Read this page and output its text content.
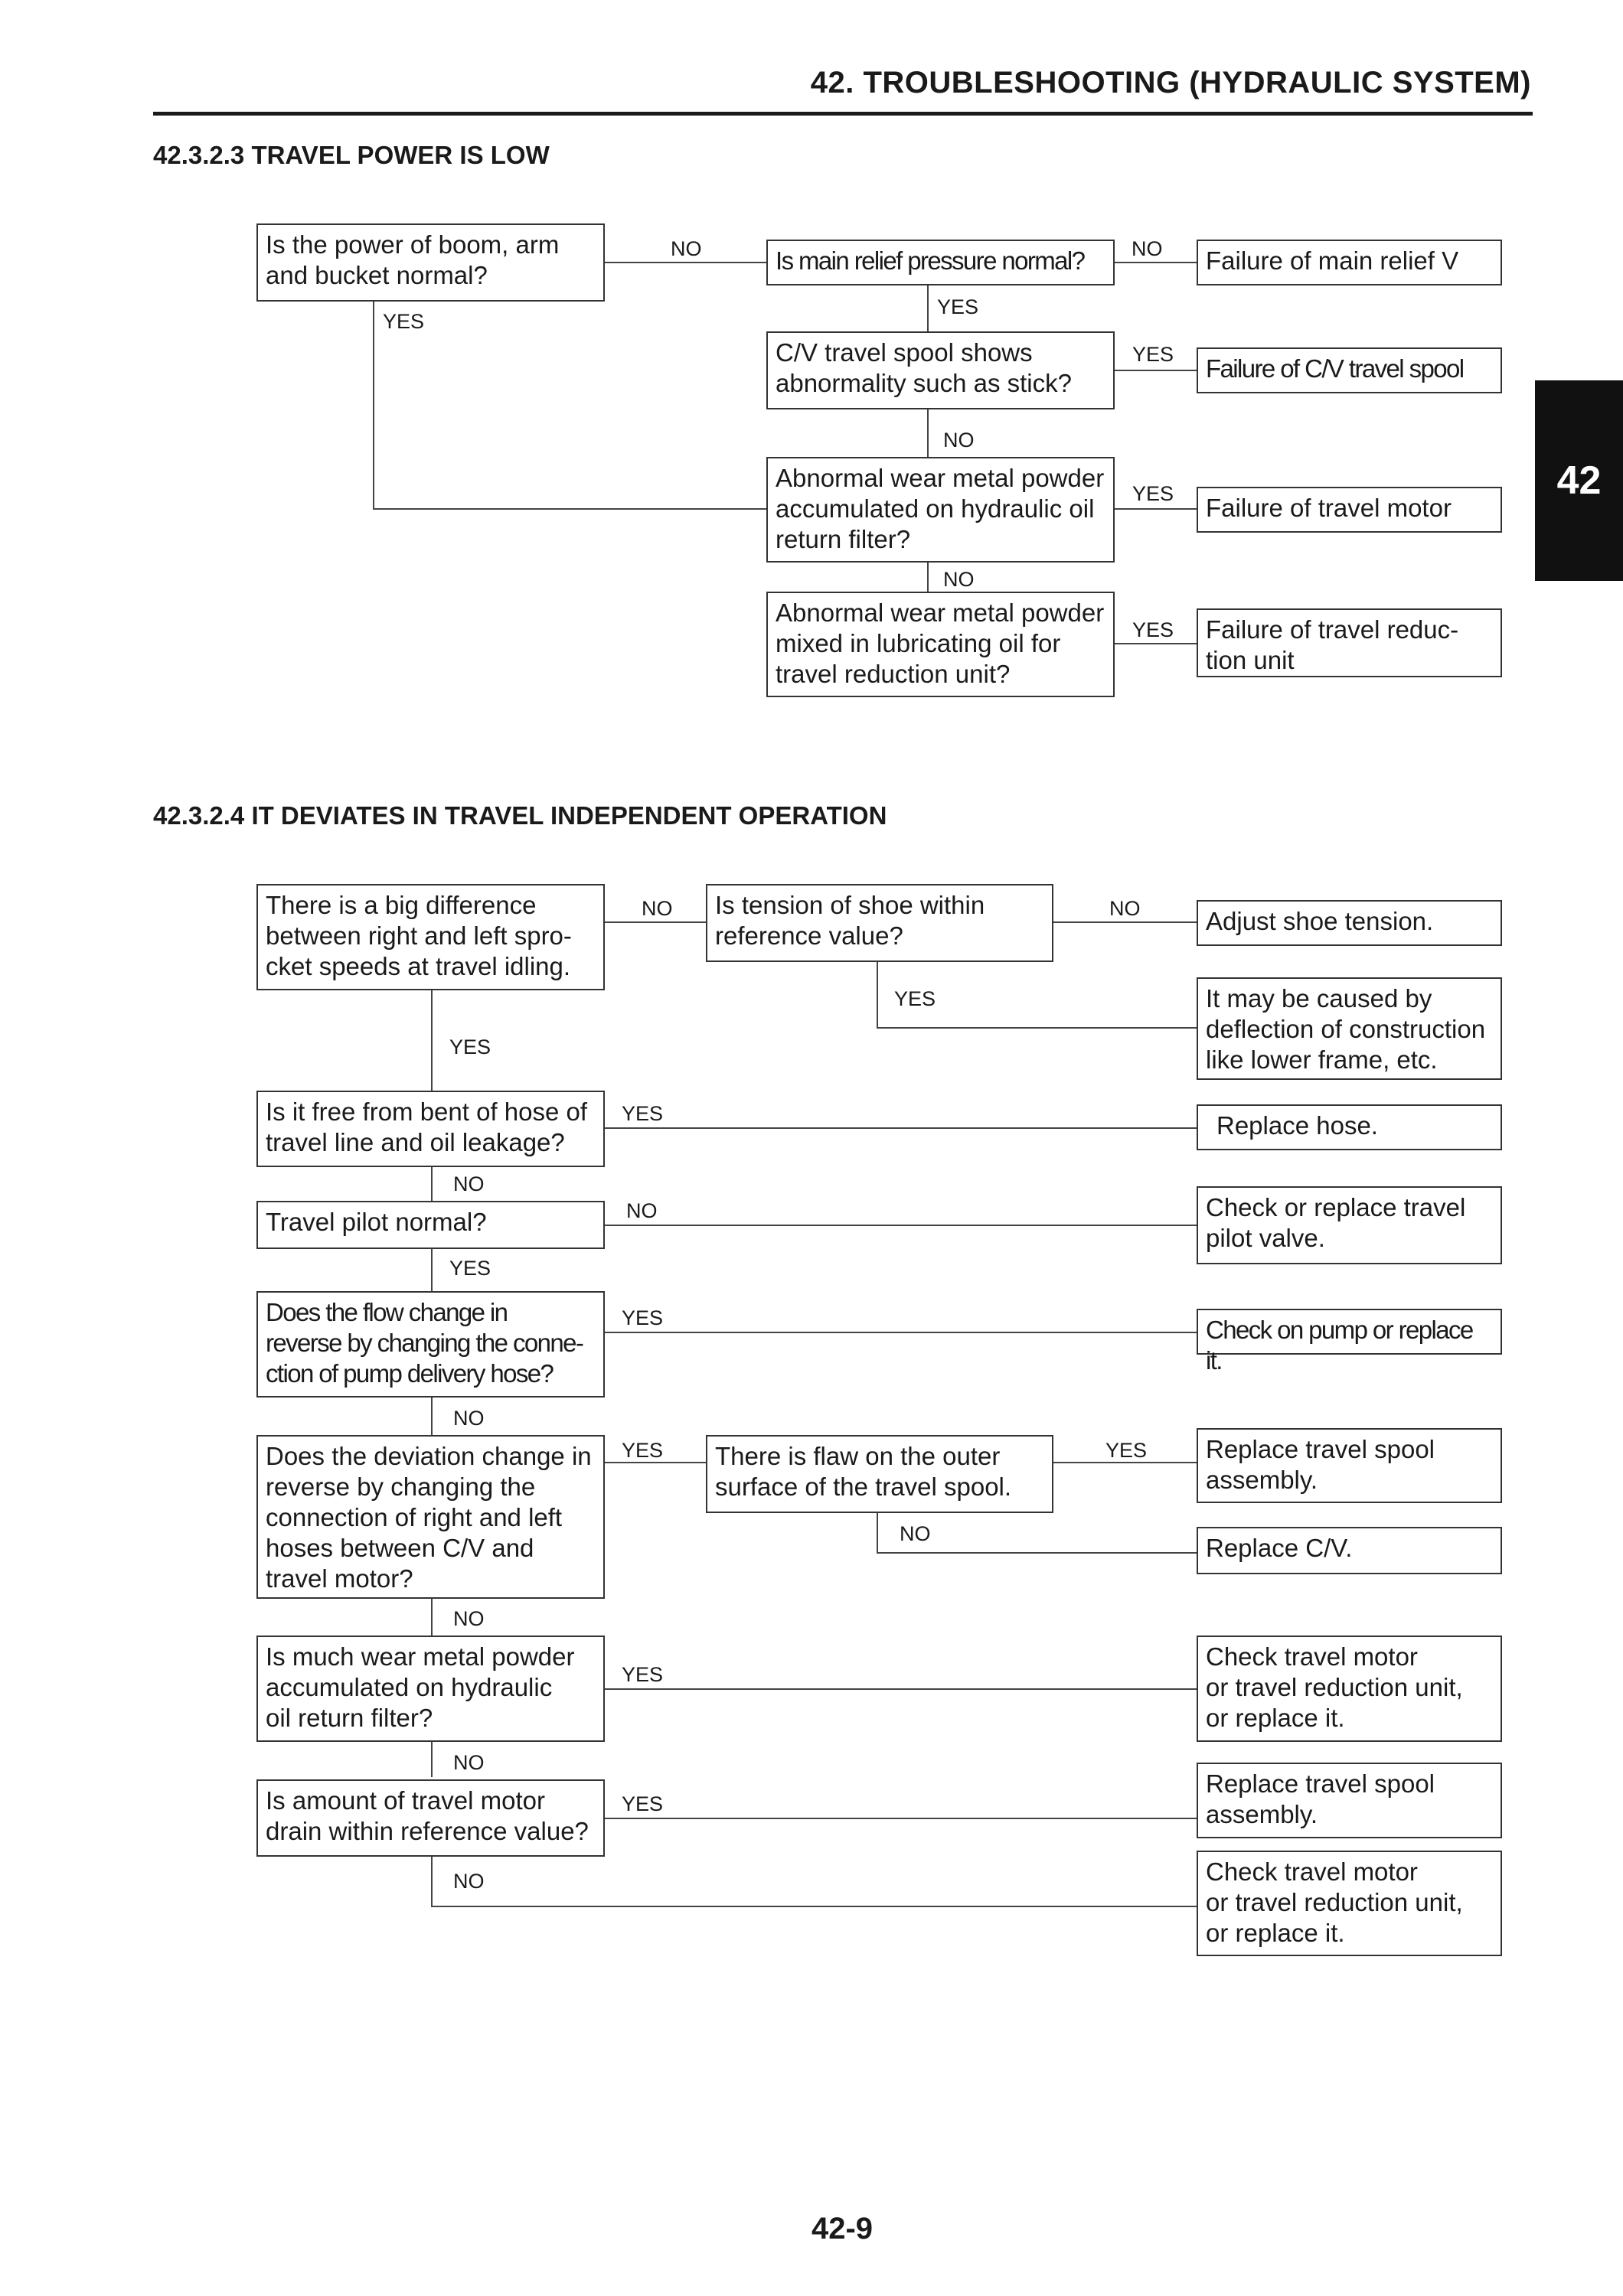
42. TROUBLESHOOTING (HYDRAULIC SYSTEM)
42
42.3.2.3 TRAVEL POWER IS LOW
Is the power of boom, arm
and bucket normal?
Is main relief pressure normal?	Failure of main relief V
C/V travel spool shows
abnormality such as stick?
Failure of C/V travel spool
Abnormal wear metal powder
accumulated on hydraulic oil
return filter?
Failure of travel motor
Abnormal wear metal powder
mixed in lubricating oil for
travel reduction unit?
Failure of travel reduc-
tion unit
NO	NO
YES
YES
NO
YES
NO
YES
YES
42.3.2.4 IT DEVIATES IN TRAVEL INDEPENDENT OPERATION
There is a big difference
between right and left spro-
cket speeds at travel idling.
Is tension of shoe within
reference value?
Adjust shoe tension.
It may be caused by
deflection of construction
like lower frame, etc.
Is it free from bent of hose of
travel line and oil leakage?
Replace hose.
Travel pilot normal?
Check or replace travel
pilot valve.
Does the flow change in
reverse by changing the conne-
ction of pump delivery hose?
Check on pump or replace it.
Does the deviation change in
reverse by changing the
connection of right and left
hoses between C/V and
travel motor?
There is flaw on the outer
surface of the travel spool.
Replace travel spool
assembly.
Replace C/V.
Is much wear metal powder
accumulated on hydraulic
oil return filter?
Check travel motor
or travel reduction unit,
or replace it.
Is amount of travel motor
drain within reference value?
Replace travel spool
assembly.
Check travel motor
or travel reduction unit,
or replace it.
NO	NO
YES
YES
YES
NO
NO
YES
YES
NO
YES	YES
NO
NO
YES
NO
YES
NO
42-9
